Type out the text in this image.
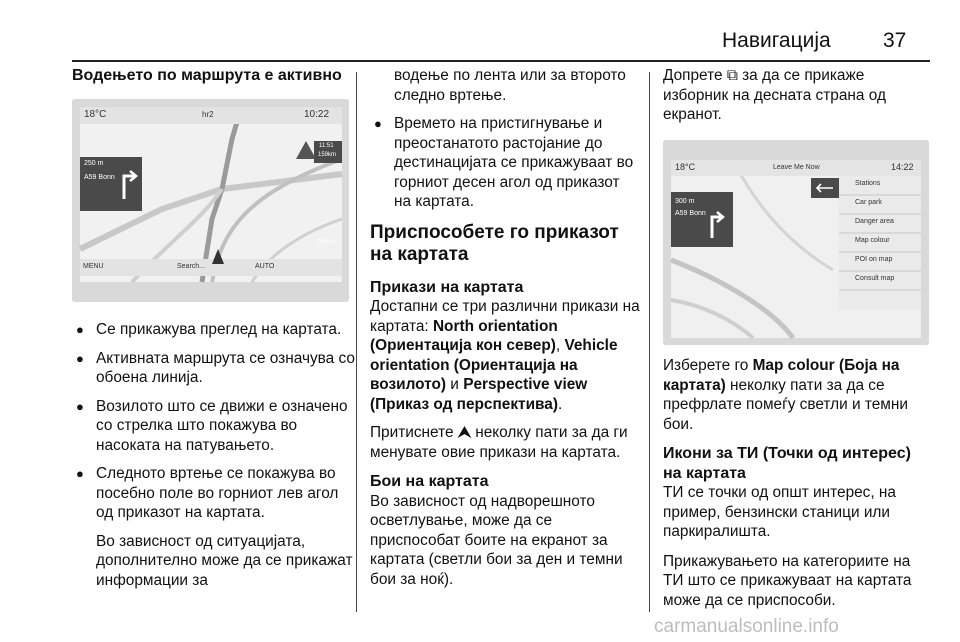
Навигација 37
Водењето по маршрута е активно
18°C	hr2	10:22
250 m
A59 Bonn
11:51
159km
159km
MENU	Search...	AUTO
● Се прикажува преглед на картата.
● Активната маршрута се означува со обоена линија.
● Возилото што се движи е означено со стрелка што покажува во насоката на патувањето.
● Следното вртење се покажува во посебно поле во горниот лев агол од приказот на картата.

Во зависност од ситуацијата, дополнително може да се прикажат информации за

водење по лента или за второто следно вртење.

● Времето на пристигнување и преостанатото растојание до дестинацијата се прикажуваат во горниот десен агол од приказот на картата.
Приспособете го приказот на картата
Прикази на картата

Достапни се три различни прикази на картата: North orientation (Ориентација кон север), Vehicle orientation (Ориентација на возилото) и Perspective view (Приказ од перспектива).

Притиснете ⮝ неколку пати за да ги менувате овие прикази на картата.

Бои на картата

Во зависност од надворешното осветлување, може да се приспособат боите на екранот за картата (светли бои за ден и темни бои за ноќ).

Допрете ⧉ за да се прикаже изборник на десната страна од екранот.

18°C	Leave Me Now	14:22
300 m
A59 Bonn
Stations
Car park
Danger area
Map colour
POI on map
Consult map

Изберете го Map colour (Боја на картата) неколку пати за да се префрлате помеѓу светли и темни бои.

Икони за ТИ (Точки од интерес) на картата

ТИ се точки од општ интерес, на пример, бензински станици или паркиралишта.

Прикажувањето на категориите на ТИ што се прикажуваат на картата може да се приспособи.

carmanualsonline.info
